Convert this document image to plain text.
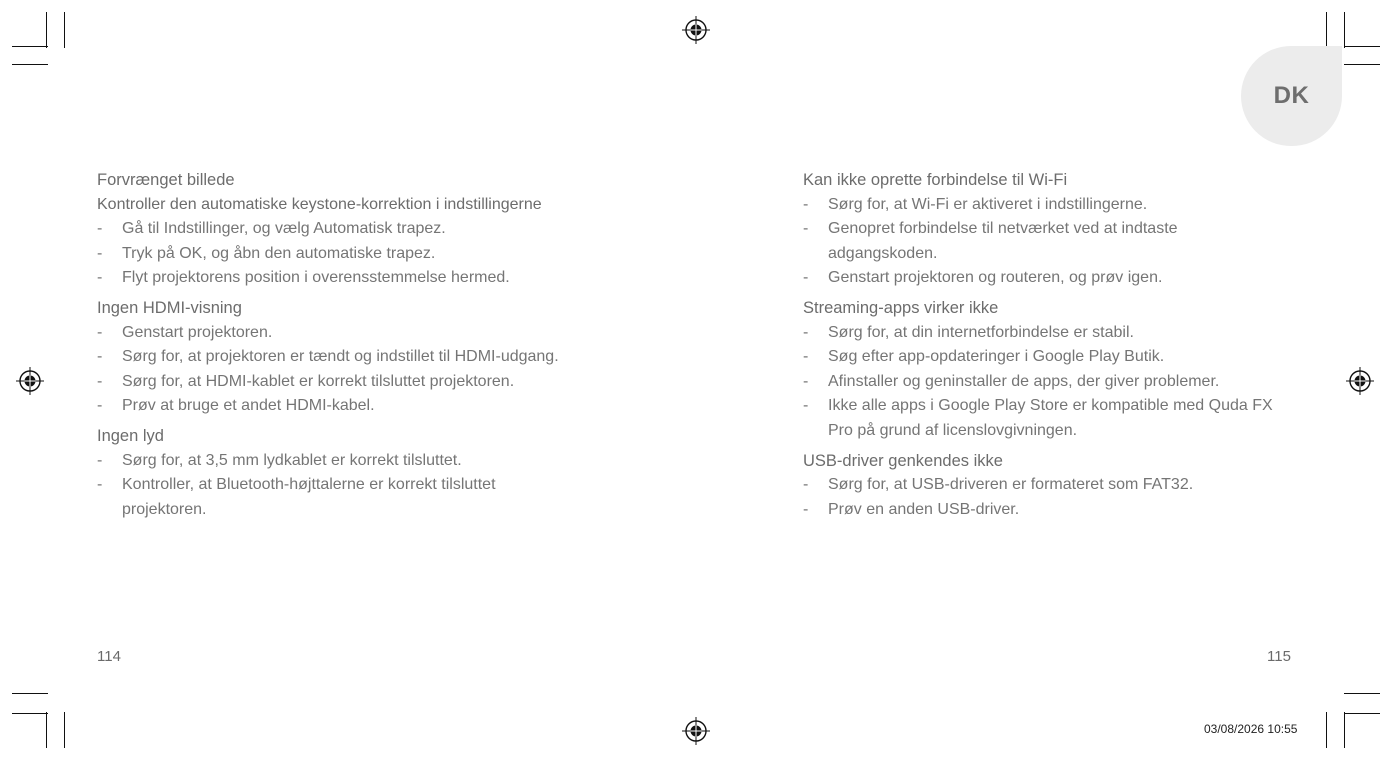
DK

Forvrænget billede

Kontroller den automatiske keystone-korrektion i indstillingerne

- Gå til Indstillinger, og vælg Automatisk trapez.
- Tryk på OK, og åbn den automatiske trapez.
- Flyt projektorens position i overensstemmelse hermed.

Ingen HDMI-visning

- Genstart projektoren.
- Sørg for, at projektoren er tændt og indstillet til HDMI-udgang.
- Sørg for, at HDMI-kablet er korrekt tilsluttet projektoren.
- Prøv at bruge et andet HDMI-kabel.

Ingen lyd

- Sørg for, at 3,5 mm lydkablet er korrekt tilsluttet.
- Kontroller, at Bluetooth-højttalerne er korrekt tilsluttet projektoren.

Kan ikke oprette forbindelse til Wi-Fi

- Sørg for, at Wi-Fi er aktiveret i indstillingerne.
- Genopret forbindelse til netværket ved at indtaste adgangskoden.
- Genstart projektoren og routeren, og prøv igen.

Streaming-apps virker ikke

- Sørg for, at din internetforbindelse er stabil.
- Søg efter app-opdateringer i Google Play Butik.
- Afinstaller og geninstaller de apps, der giver problemer.
- Ikke alle apps i Google Play Store er kompatible med Quda FX Pro på grund af licenslovgivningen.

USB-driver genkendes ikke

- Sørg for, at USB-driveren er formateret som FAT32.
- Prøv en anden USB-driver.
114	115
03/08/2026 10:55
